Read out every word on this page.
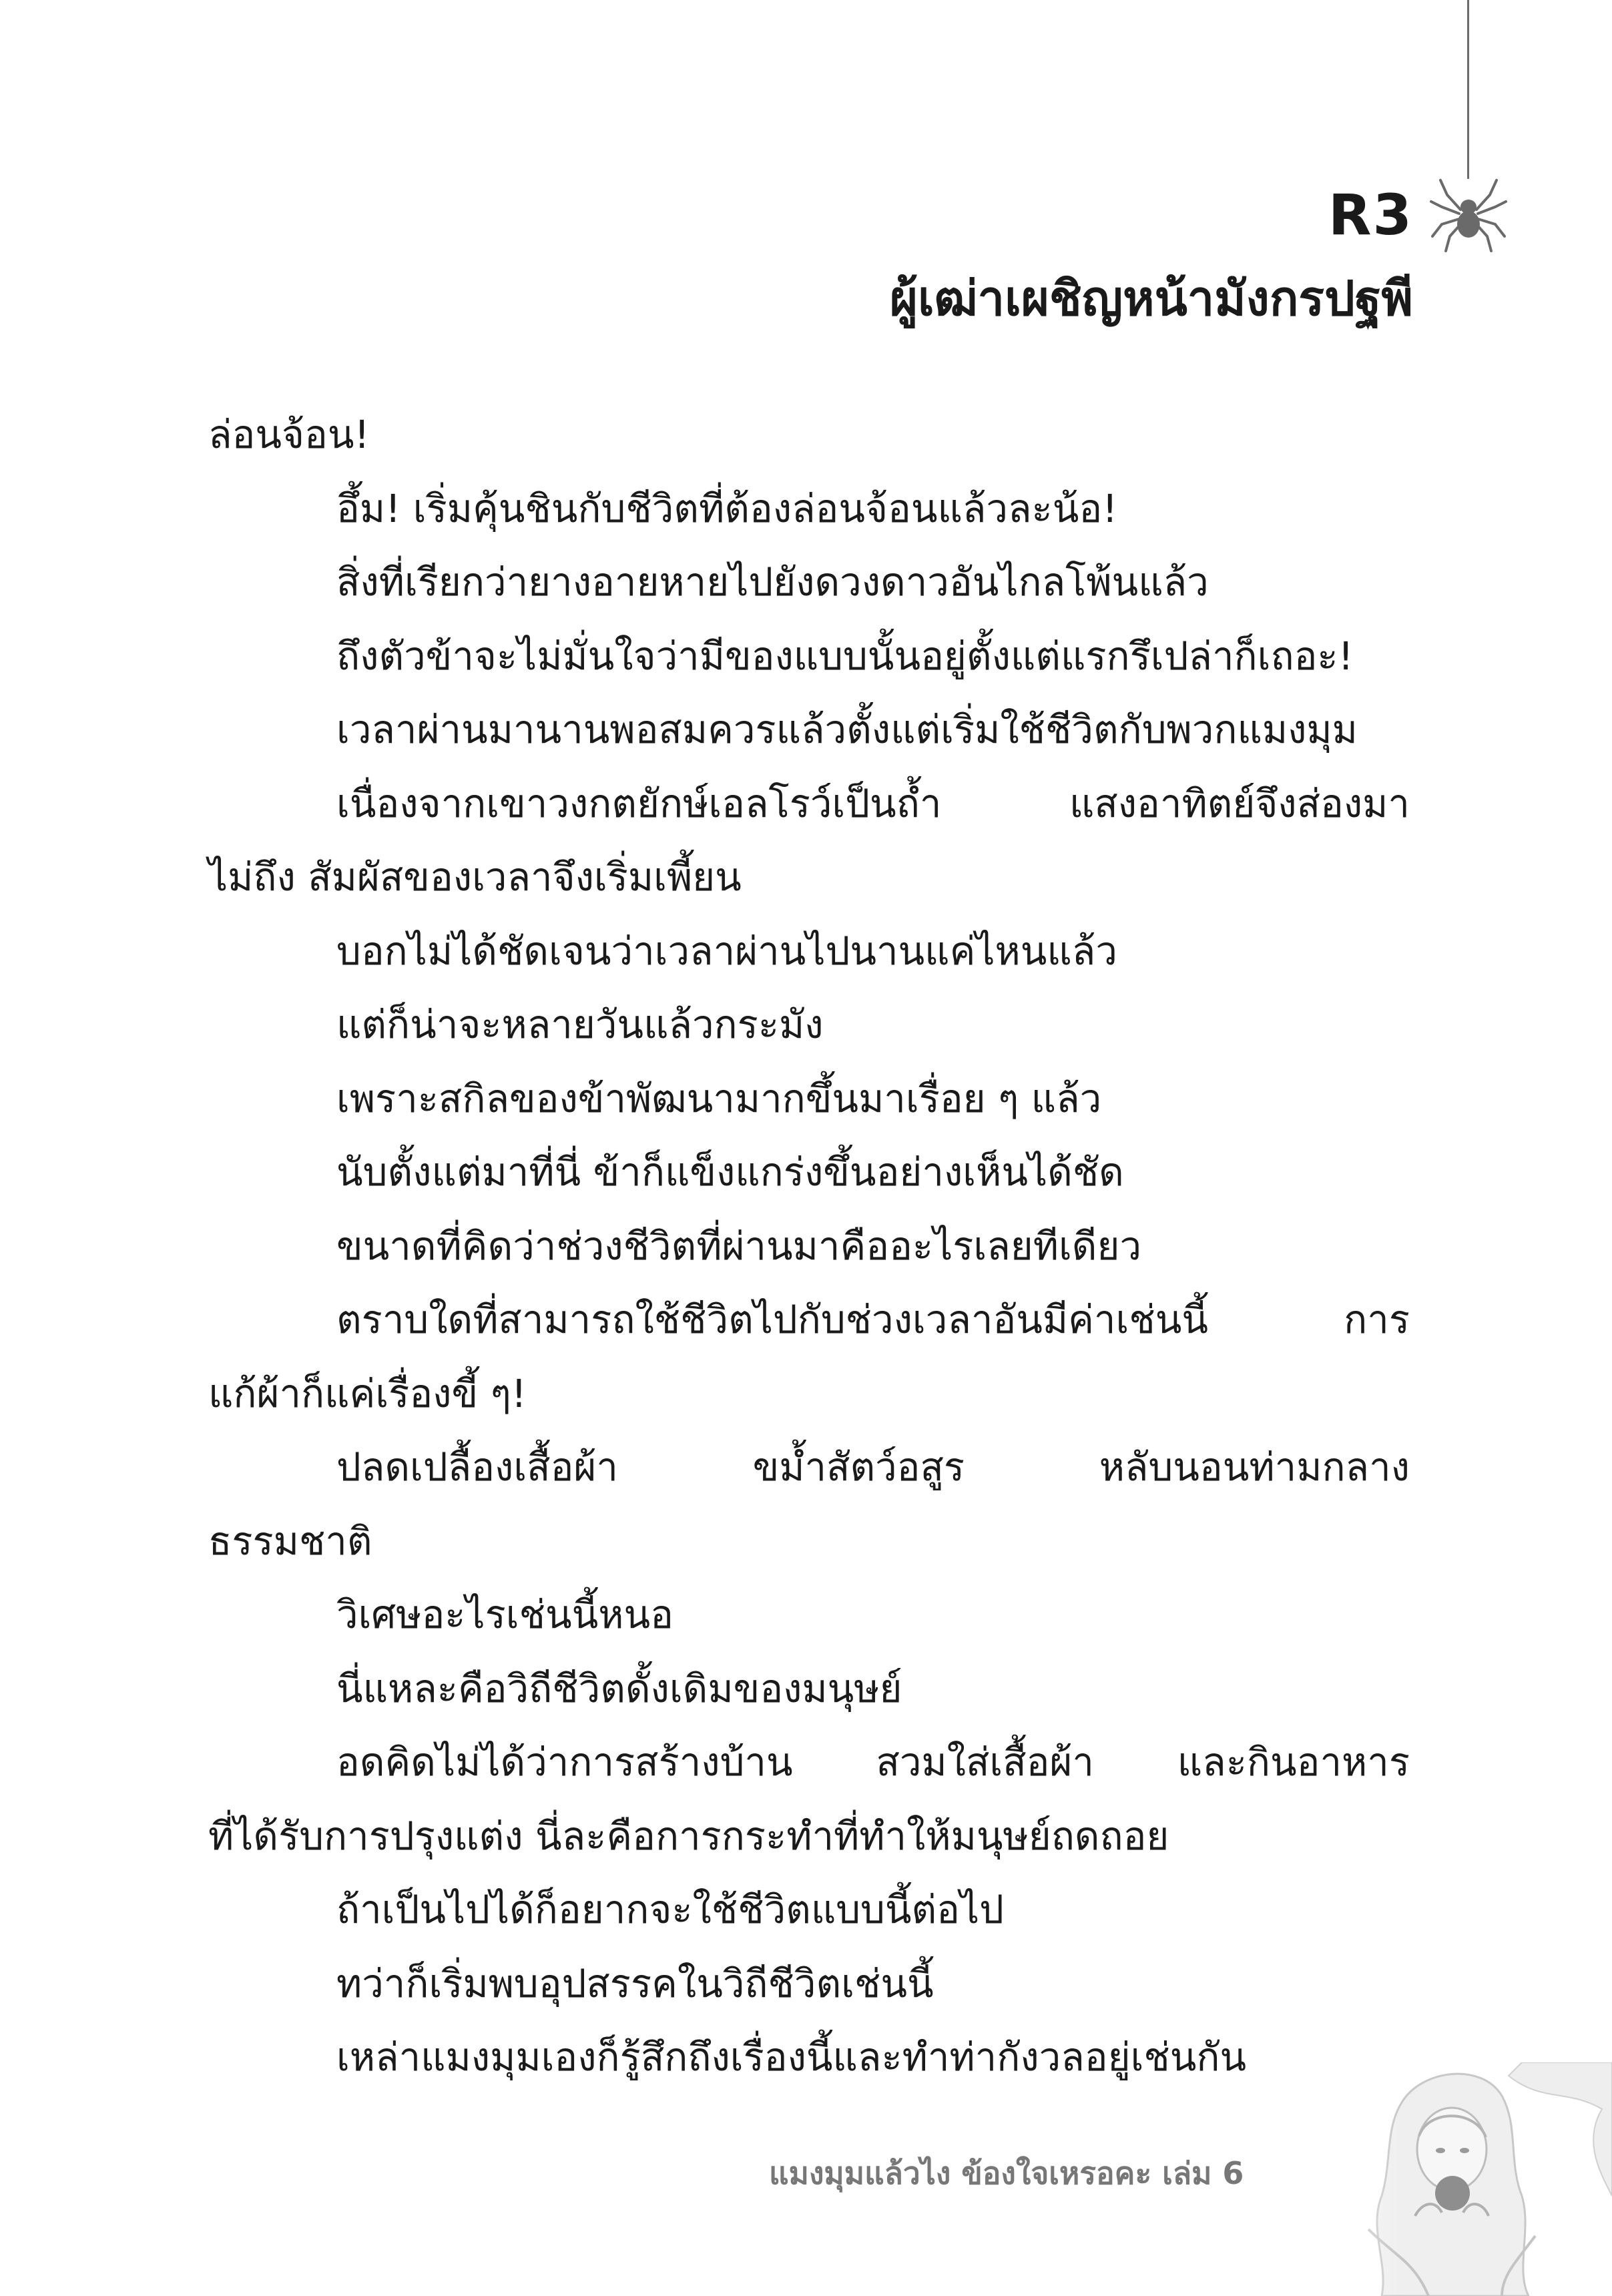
R3
ผู้เฒ่าเผชิญหน้ามังกรปฐพี

ล่อนจ้อน!

อึ้ม! เริ่มคุ้นชินกับชีวิตที่ต้องล่อนจ้อนแล้วละน้อ!

สิ่งที่เรียกว่ายางอายหายไปยังดวงดาวอันไกลโพ้นแล้ว

ถึงตัวข้าจะไม่มั่นใจว่ามีของแบบนั้นอยู่ตั้งแต่แรกรึเปล่าก็เถอะ!

เวลาผ่านมานานพอสมควรแล้วตั้งแต่เริ่มใช้ชีวิตกับพวกแมงมุม

เนื่องจากเขาวงกตยักษ์เอลโรว์เป็นถ้ำ	แสงอาทิตย์จึงส่องมา

ไม่ถึง สัมผัสของเวลาจึงเริ่มเพี้ยน

บอกไม่ได้ชัดเจนว่าเวลาผ่านไปนานแค่ไหนแล้ว

แต่ก็น่าจะหลายวันแล้วกระมัง

เพราะสกิลของข้าพัฒนามากขึ้นมาเรื่อย ๆ แล้ว

นับตั้งแต่มาที่นี่ ข้าก็แข็งแกร่งขึ้นอย่างเห็นได้ชัด

ขนาดที่คิดว่าช่วงชีวิตที่ผ่านมาคืออะไรเลยทีเดียว

ตราบใดที่สามารถใช้ชีวิตไปกับช่วงเวลาอันมีค่าเช่นนี้	การ

แก้ผ้าก็แค่เรื่องขี้ ๆ!

ปลดเปลื้องเสื้อผ้า	ขม้ำสัตว์อสูร	หลับนอนท่ามกลาง

ธรรมชาติ

วิเศษอะไรเช่นนี้หนอ

นี่แหละคือวิถีชีวิตดั้งเดิมของมนุษย์

อดคิดไม่ได้ว่าการสร้างบ้าน สวมใส่เสื้อผ้า และกินอาหาร

ที่ได้รับการปรุงแต่ง นี่ละคือการกระทำที่ทำให้มนุษย์ถดถอย

ถ้าเป็นไปได้ก็อยากจะใช้ชีวิตแบบนี้ต่อไป

ทว่าก็เริ่มพบอุปสรรคในวิถีชีวิตเช่นนี้

เหล่าแมงมุมเองก็รู้สึกถึงเรื่องนี้และทำท่ากังวลอยู่เช่นกัน

แมงมุมแล้วไง ข้องใจเหรอคะ เล่ม 6
